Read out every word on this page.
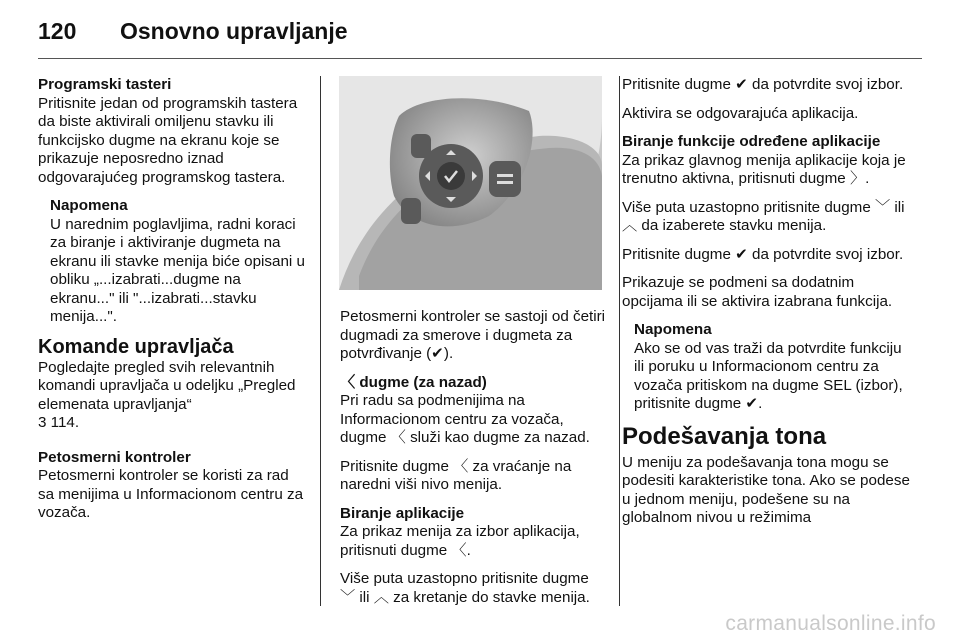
120 Osnovno upravljanje
Programski tasteri

Pritisnite jedan od programskih tastera da biste aktivirali omiljenu stavku ili funkcijsko dugme na ekranu koje se prikazuje neposredno iznad odgovarajućeg programskog tastera.

Napomena
U narednim poglavljima, radni koraci za biranje i aktiviranje dugmeta na ekranu ili stavke menija biće opisani u obliku „...izabrati...dugme na ekranu..." ili "...izabrati...stavku menija...".
Komande upravljača
Pogledajte pregled svih relevantnih komandi upravljača u odeljku „Pregled elemenata upravljanja“

3 114.

Petosmerni kontroler

Petosmerni kontroler se koristi za rad sa menijima u Informacionom centru za vozača.

Petosmerni kontroler se sastoji od četiri dugmadi za smerove i dugmeta za potvrđivanje (✔).

〈 dugme (za nazad)

Pri radu sa podmenijima na Informacionom centru za vozača, dugme 〈 služi kao dugme za nazad.

Pritisnite dugme 〈 za vraćanje na naredni viši nivo menija.

Biranje aplikacije

Za prikaz menija za izbor aplikacija, pritisnuti dugme 〈.

Više puta uzastopno pritisnite dugme ﹀ ili ︿ za kretanje do stavke menija.

Pritisnite dugme ✔ da potvrdite svoj izbor.

Aktivira se odgovarajuća aplikacija.

Biranje funkcije određene aplikacije

Za prikaz glavnog menija aplikacije koja je trenutno aktivna, pritisnuti dugme 〉.

Više puta uzastopno pritisnite dugme ﹀ ili ︿ da izaberete stavku menija.

Pritisnite dugme ✔ da potvrdite svoj izbor.

Prikazuje se podmeni sa dodatnim opcijama ili se aktivira izabrana funkcija.

Napomena
Ako se od vas traži da potvrdite funkciju ili poruku u Informacionom centru za vozača pritiskom na dugme SEL (izbor), pritisnite dugme ✔.
Podešavanja tona
U meniju za podešavanja tona mogu se podesiti karakteristike tona. Ako se podese u jednom meniju, podešene su na globalnom nivou u režimima
carmanualsonline.info
